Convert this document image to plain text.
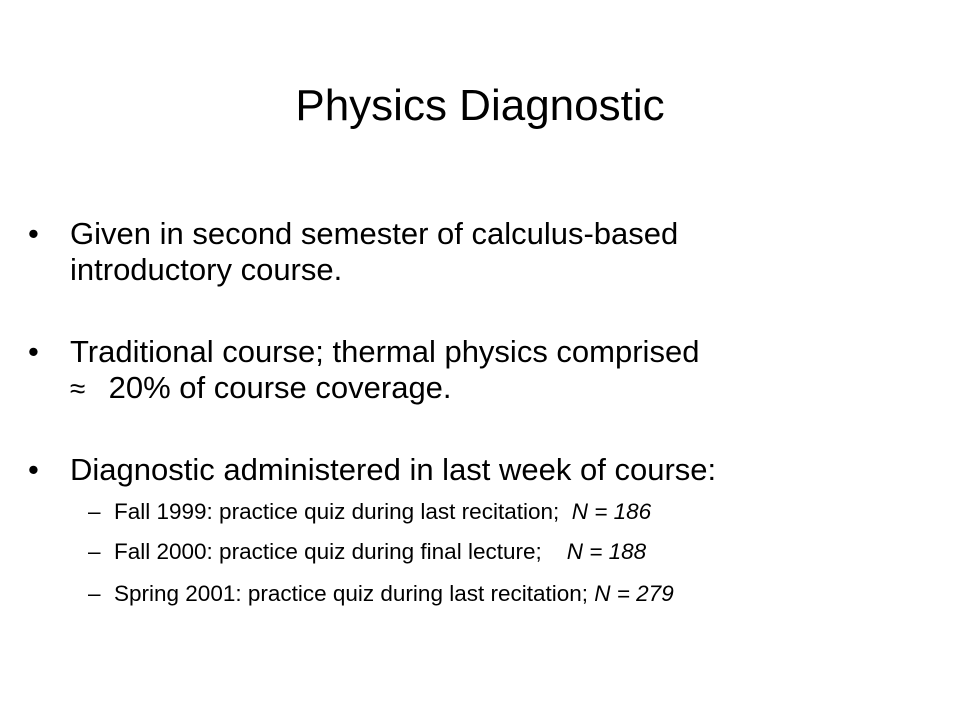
Physics Diagnostic
• Given in second semester of calculus-based
introductory course.
• Traditional course; thermal physics comprised
≈ 20% of course coverage.
• Diagnostic administered in last week of course:
– Fall 1999: practice quiz during last recitation;  N = 186
– Fall 2000: practice quiz during final lecture;    N = 188
– Spring 2001: practice quiz during last recitation; N = 279
